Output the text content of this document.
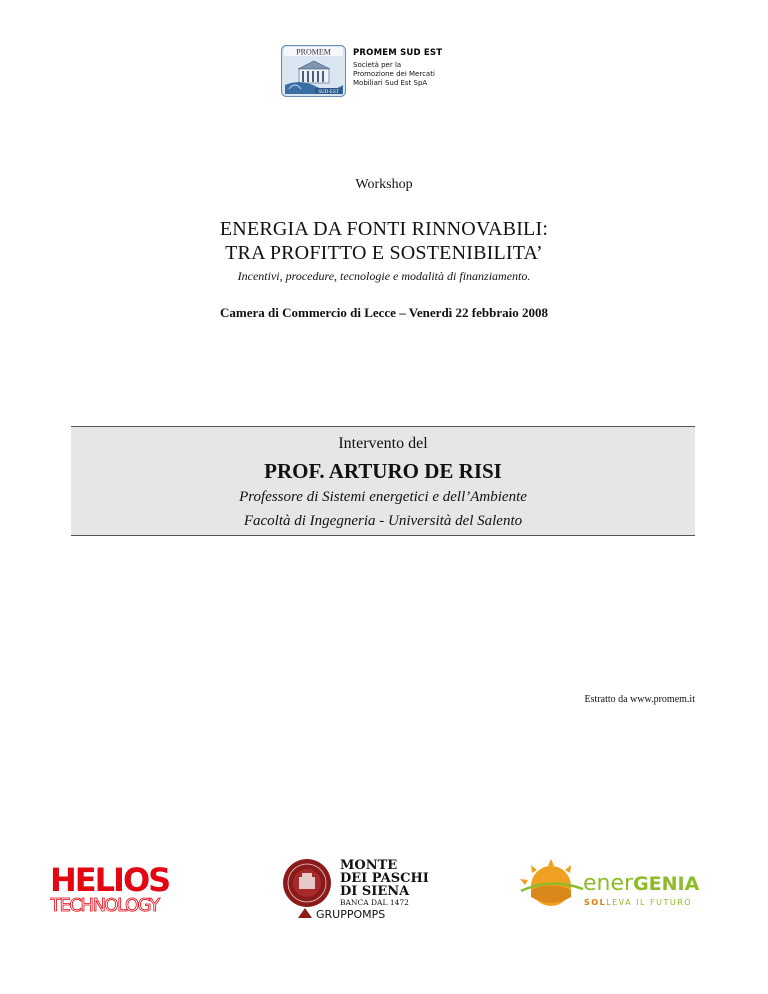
PROMEM
SUD-EST
PROMEM SUD EST
Società per la
Promozione dei Mercati
Mobiliari Sud Est SpA
Workshop
ENERGIA DA FONTI RINNOVABILI:
TRA PROFITTO E SOSTENIBILITA’
Incentivi, procedure, tecnologie e modalità di finanziamento.
Camera di Commercio di Lecce – Venerdì 22 febbraio 2008
Intervento del
PROF. ARTURO DE RISI
Professore di Sistemi energetici e dell’Ambiente
Facoltà di Ingegneria - Università del Salento
Estratto da www.promem.it
HELIOS
TECHNOLOGY
MONTE
DEI PASCHI
DI SIENA
BANCA DAL 1472
GRUPPOMPS
enerGENIA
SOLLEVA IL FUTURO
